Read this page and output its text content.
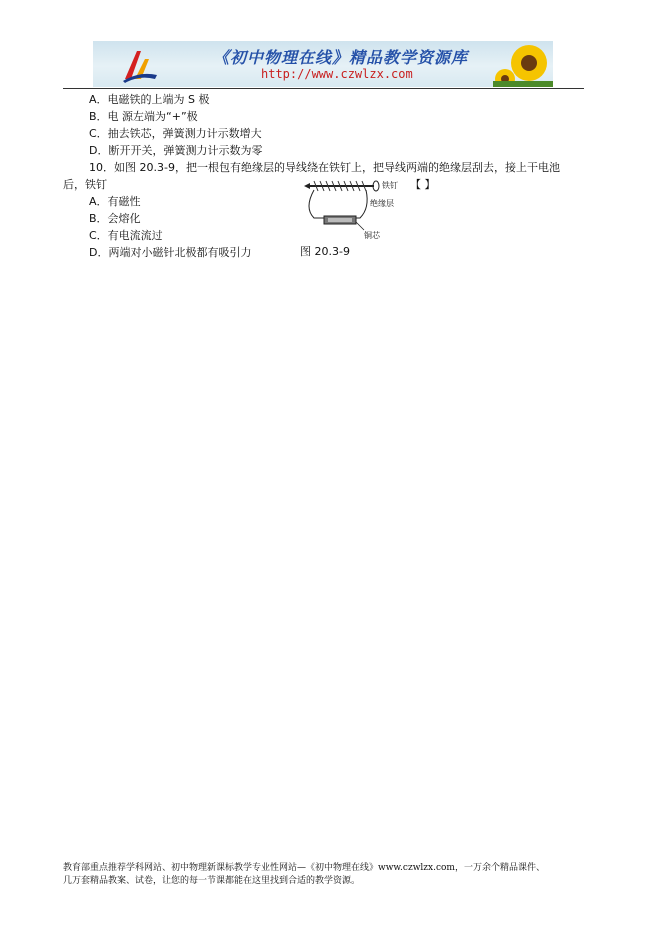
《初中物理在线》精品教学资源库
http://www.czwlzx.com
A．电磁铁的上端为 S 极
B．电 源左端为“+”极
C．抽去铁芯，弹簧测力计示数增大
D．断开开关，弹簧测力计示数为零
10．如图 20.3-9，把一根包有绝缘层的导线绕在铁钉上，把导线两端的绝缘层刮去，接上干电池
后，铁钉	【 】
A．有磁性
B．会熔化
C．有电流流过
D．两端对小磁针北极都有吸引力
铁钉
绝缘层
铜芯
图 20.3-9
教育部重点推荐学科网站、初中物理新课标教学专业性网站—《初中物理在线》www.czwlzx.com，一万余个精品课件、
几万套精品教案、试卷，让您的每一节课都能在这里找到合适的教学资源。
